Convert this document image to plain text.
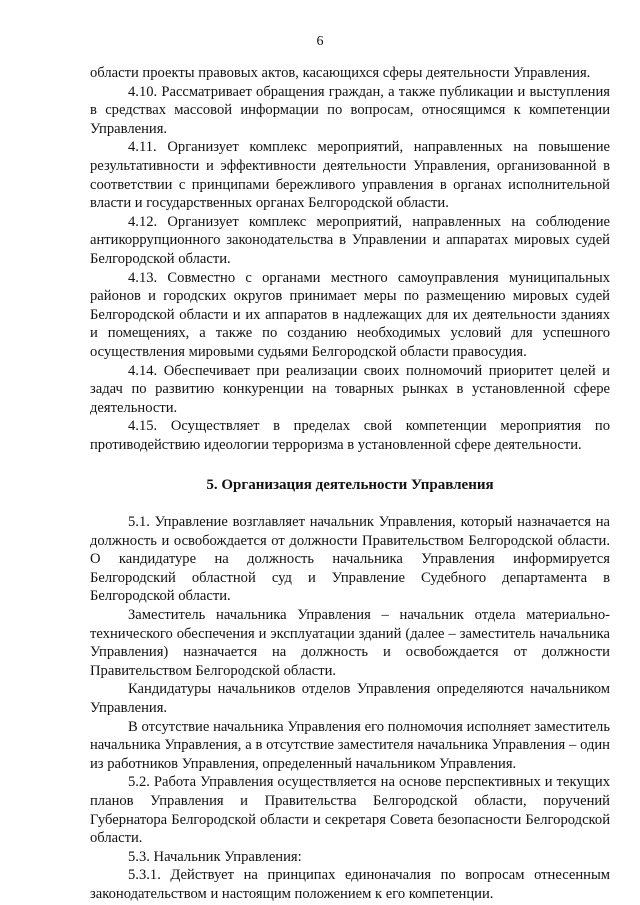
6

области проекты правовых актов, касающихся сферы деятельности Управления.

4.10. Рассматривает обращения граждан, а также публикации и выступления в средствах массовой информации по вопросам, относящимся к компетенции Управления.

4.11. Организует комплекс мероприятий, направленных на повышение результативности и эффективности деятельности Управления, организованной в соответствии с принципами бережливого управления в органах исполнительной власти и государственных органах Белгородской области.

4.12. Организует комплекс мероприятий, направленных на соблюдение антикоррупционного законодательства в Управлении и аппаратах мировых судей Белгородской области.

4.13. Совместно с органами местного самоуправления муниципальных районов и городских округов принимает меры по размещению мировых судей Белгородской области и их аппаратов в надлежащих для их деятельности зданиях и помещениях, а также по созданию необходимых условий для успешного осуществления мировыми судьями Белгородской области правосудия.

4.14. Обеспечивает при реализации своих полномочий приоритет целей и задач по развитию конкуренции на товарных рынках в установленной сфере деятельности.

4.15. Осуществляет в пределах свой компетенции мероприятия по противодействию идеологии терроризма в установленной сфере деятельности.

5. Организация деятельности Управления

5.1. Управление возглавляет начальник Управления, который назначается на должность и освобождается от должности Правительством Белгородской области. О кандидатуре на должность начальника Управления информируется Белгородский областной суд и Управление Судебного департамента в Белгородской области.

Заместитель начальника Управления – начальник отдела материально-технического обеспечения и эксплуатации зданий (далее – заместитель начальника Управления) назначается на должность и освобождается от должности Правительством Белгородской области.

Кандидатуры начальников отделов Управления определяются начальником Управления.

В отсутствие начальника Управления его полномочия исполняет заместитель начальника Управления, а в отсутствие заместителя начальника Управления – один из работников Управления, определенный начальником Управления.

5.2. Работа Управления осуществляется на основе перспективных и текущих планов Управления и Правительства Белгородской области, поручений Губернатора Белгородской области и секретаря Совета безопасности Белгородской области.

5.3. Начальник Управления:

5.3.1. Действует на принципах единоначалия по вопросам отнесенным законодательством и настоящим положением к его компетенции.
